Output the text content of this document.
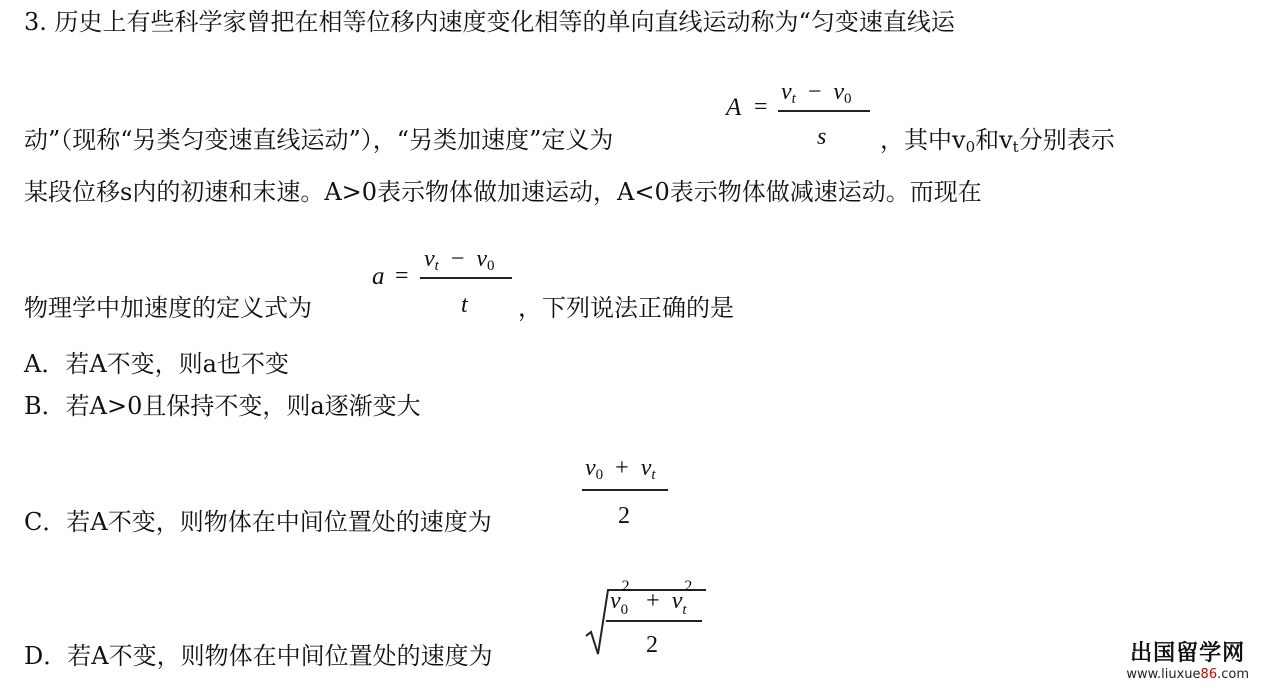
3. 历史上有些科学家曾把在相等位移内速度变化相等的单向直线运动称为“匀变速直线运
动”（现称“另类匀变速直线运动”），“另类加速度”定义为
A =
$v_t - v_0$
s ，其中$v_0$和$v_t$分别表示
某段位移s内的初速和末速。A>0表示物体做加速运动，A<0表示物体做减速运动。而现在
物理学中加速度的定义式为
a =
$v_t - v_0$
t ，下列说法正确的是
A．若A不变，则a也不变
B．若A>0且保持不变，则a逐渐变大
C．若A不变，则物体在中间位置处的速度为
$v_0 + v_t$
2
D．若A不变，则物体在中间位置处的速度为
v
2
$_0$ + v
2
$_t$
2	出国留学网
www.liuxue86.com
